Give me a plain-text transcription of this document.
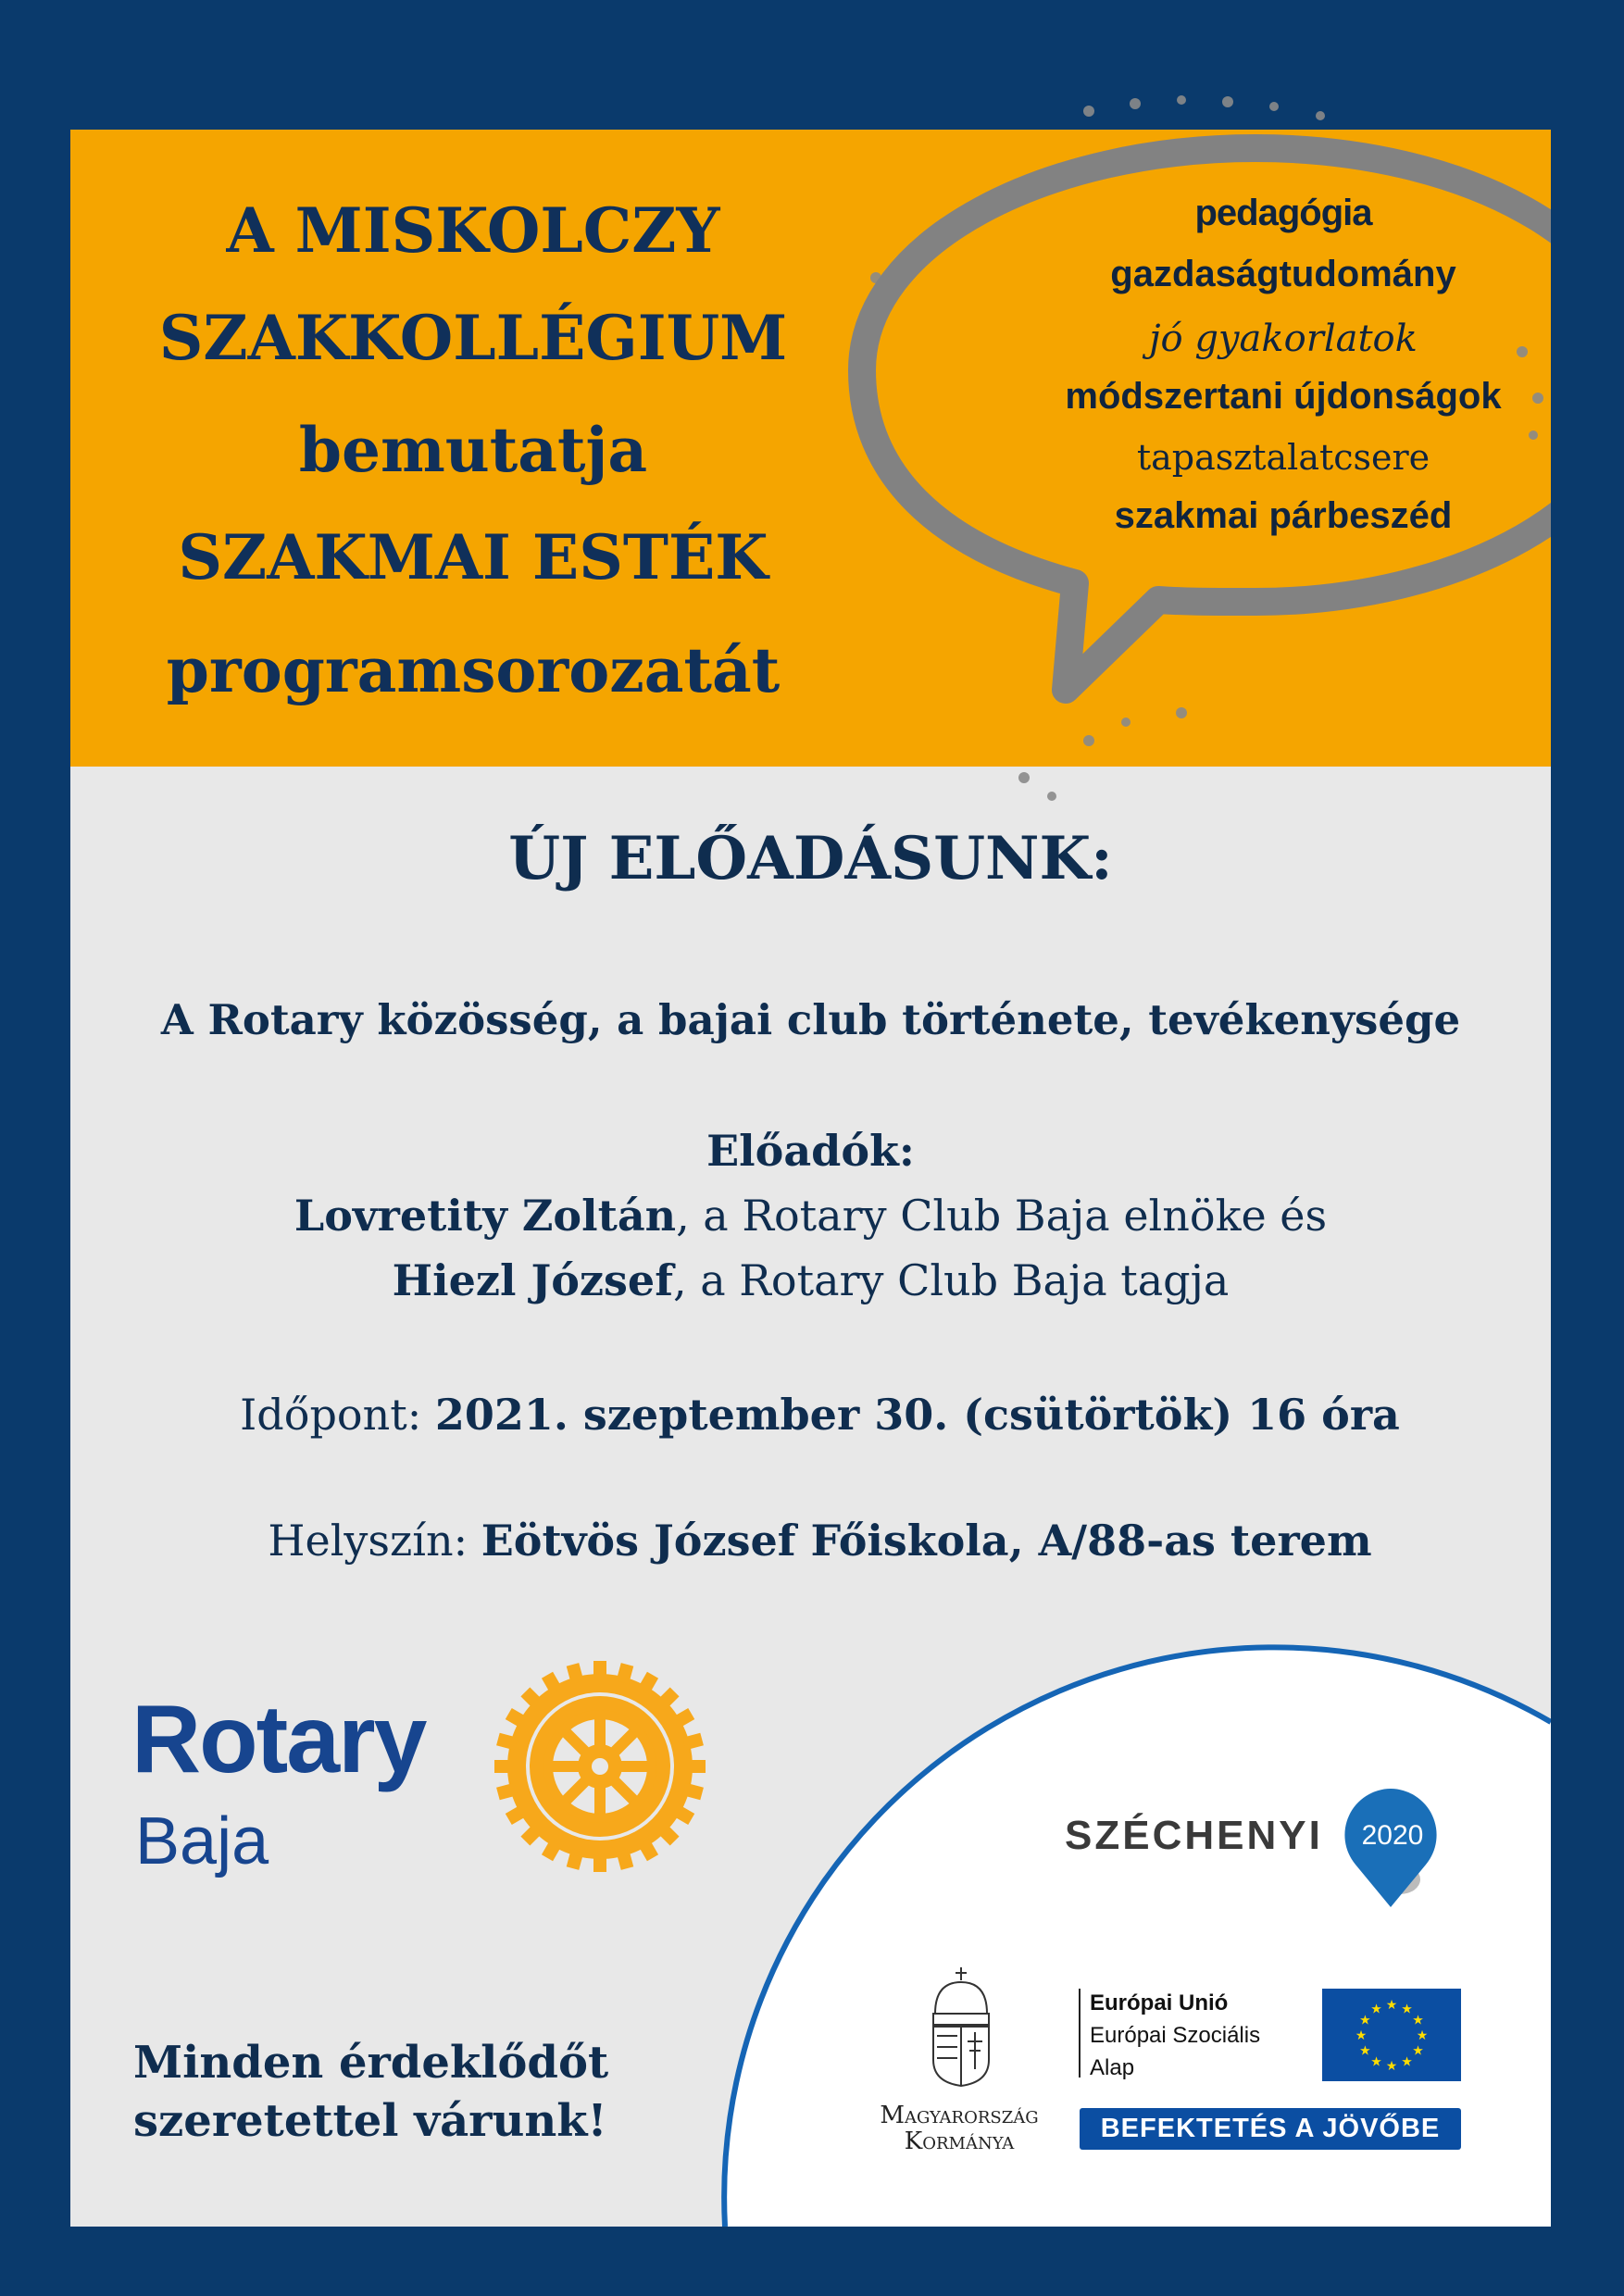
A MISKOLCZY
SZAKKOLLÉGIUM
bemutatja
SZAKMAI ESTÉK
programsorozatát
pedagógia
gazdaságtudomány
jó gyakorlatok
módszertani újdonságok
tapasztalatcsere
szakmai párbeszéd
ÚJ ELŐADÁSUNK:
A Rotary közösség, a bajai club története, tevékenysége
Előadók:
Lovretity Zoltán, a Rotary Club Baja elnöke és
Hiezl József, a Rotary Club Baja tagja
Időpont: 2021. szeptember 30. (csütörtök) 16 óra
Helyszín: Eötvös József Főiskola, A/88-as terem
Rotary
Baja
Minden érdeklődőt
szeretettel várunk!
SZÉCHENYI	2020
Magyarország
Kormánya
Európai Unió
Európai Szociális
Alap
★
★
★
★
★
★
★
★
★ ★ ★
★
BEFEKTETÉS A JÖVŐBE
